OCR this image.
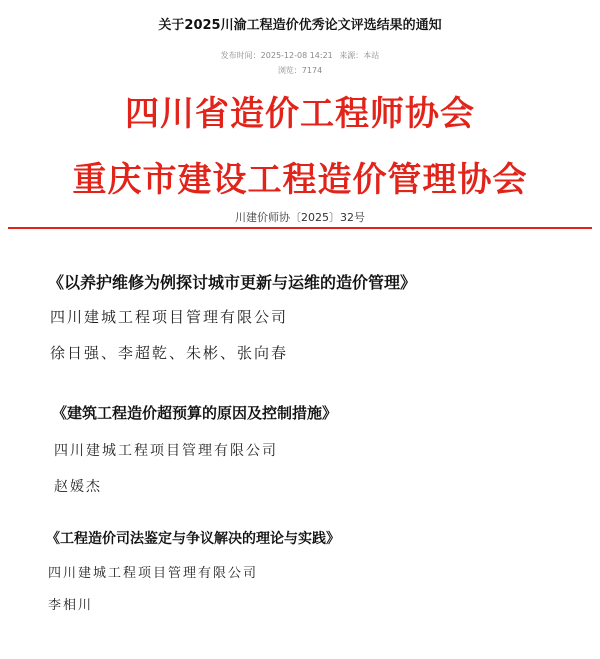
关于2025川渝工程造价优秀论文评选结果的通知
发布时间：2025-12-08 14:21 来源：本站
浏览：7174
四川省造价工程师协会
重庆市建设工程造价管理协会
川建价师协〔2025〕32号
《以养护维修为例探讨城市更新与运维的造价管理》
四川建城工程项目管理有限公司
徐日强、李超乾、朱彬、张向春
《建筑工程造价超预算的原因及控制措施》
四川建城工程项目管理有限公司
赵媛杰
《工程造价司法鉴定与争议解决的理论与实践》
四川建城工程项目管理有限公司
李相川
